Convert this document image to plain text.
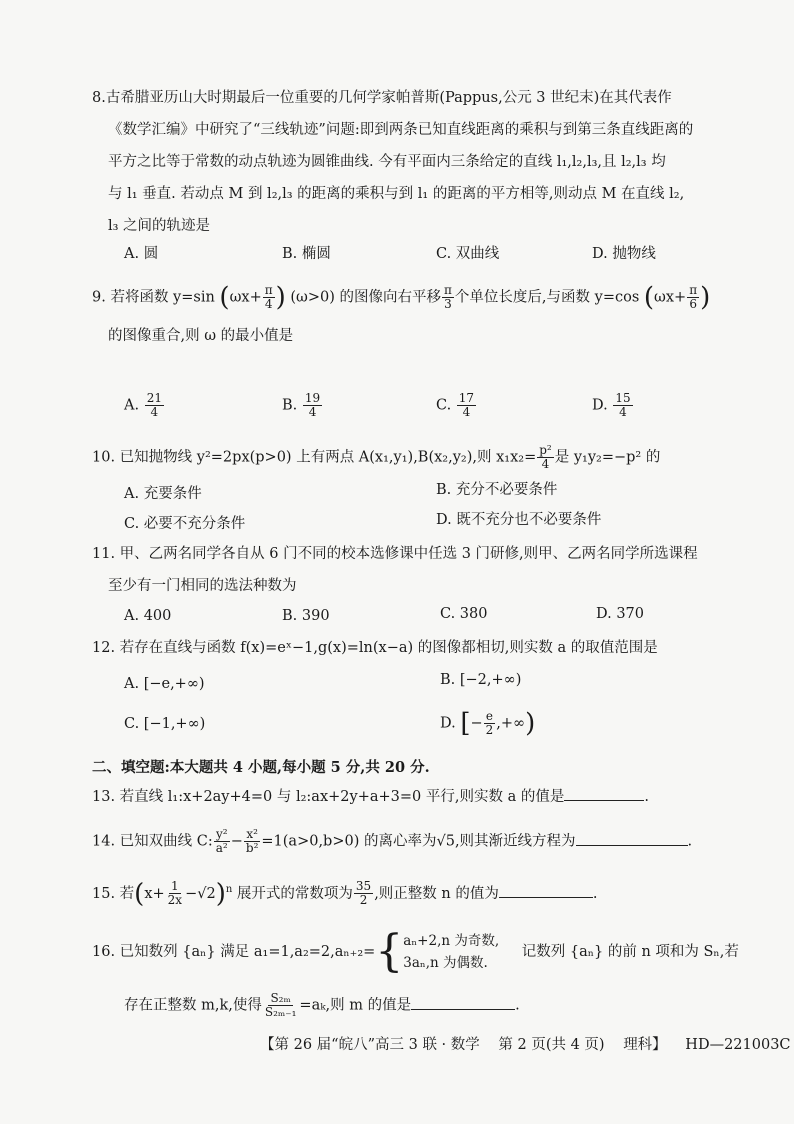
8.古希腊亚历山大时期最后一位重要的几何学家帕普斯(Pappus,公元 3 世纪末)在其代表作
《数学汇编》中研究了“三线轨迹”问题:即到两条已知直线距离的乘积与到第三条直线距离的
平方之比等于常数的动点轨迹为圆锥曲线. 今有平面内三条给定的直线 l₁,l₂,l₃,且 l₂,l₃ 均
与 l₁ 垂直. 若动点 M 到 l₂,l₃ 的距离的乘积与到 l₁ 的距离的平方相等,则动点 M 在直线 l₂,
l₃ 之间的轨迹是
A. 圆	B. 椭圆	C. 双曲线	D. 抛物线
9. 若将函数 y=sin ($\omega x+ \frac{\pi}{4}$ ) (ω>0) 的图像向右平移 $\frac{\pi}{3}$ 个单位长度后,与函数 y=cos ($\omega x+ \frac{\pi}{6}$ )
的图像重合,则 ω 的最小值是
A. $\frac{21}{4}$	B. $\frac{19}{4}$	C. $\frac{17}{4}$	D. $\frac{15}{4}$
10. 已知抛物线 y²=2px(p>0) 上有两点 A(x₁,y₁),B(x₂,y₂),则 $x_1x_2= \frac{\text{p²}}{4}$ 是 y₁y₂=−p² 的
A. 充要条件	B. 充分不必要条件
C. 必要不充分条件	D. 既不充分也不必要条件
11. 甲、乙两名同学各自从 6 门不同的校本选修课中任选 3 门研修,则甲、乙两名同学所选课程
至少有一门相同的选法种数为
A. 400	B. 390	C. 380	D. 370
12. 若存在直线与函数 f(x)=eˣ−1,g(x)=ln(x−a) 的图像都相切,则实数 a 的取值范围是
A. [−e,+∞)	B. [−2,+∞)
C. [−1,+∞)	D. [− $\frac{e}{2}$ ,+∞)
二、填空题:本大题共 4 小题,每小题 5 分,共 20 分.
13. 若直线 l₁:x+2ay+4=0 与 l₂:ax+2y+a+3=0 平行,则实数 a 的值是	.
14. 已知双曲线 C: $\frac{\text{y²}}{\text{a²}} - \frac{\text{x²}}{\text{b²}} =1(a>0,b>0)$ 的离心率为√5,则其渐近线方程为	.
15. 若$(x+ \frac{1}{2x} -√2)^n$ 展开式的常数项为 $\frac{35}{2}$ ,则正整数 n 的值为	.
16. 已知数列 {aₙ} 满足 a₁=1,a₂=2,aₙ₊₂={ aₙ+2,n 为奇数,
3aₙ,n 为偶数.
记数列 {aₙ} 的前 n 项和为 Sₙ,若
存在正整数 m,k,使得 $\frac{\text{S₂ₘ}}{\text{S₂ₘ₋₁}} =a_k$,则 m 的值是	.
【第 26 届“皖八”高三 3 联 · 数学 第 2 页(共 4 页) 理科】 HD—221003C
